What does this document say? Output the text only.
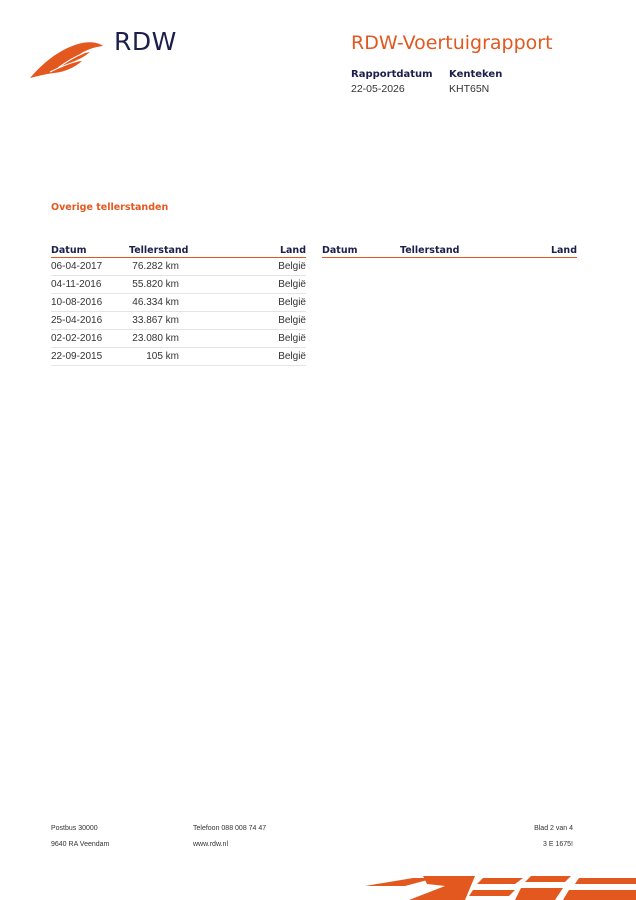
RDW	RDW-Voertuigrapport
Rapportdatum
22-05-2026
Kenteken
KHT65N
Overige tellerstanden
Datum	Tellerstand	Land
06-04-2017	76.282 km	België
04-11-2016	55.820 km	België
10-08-2016	46.334 km	België
25-04-2016	33.867 km	België
02-02-2016	23.080 km	België
22-09-2015	105 km	België
Datum	Tellerstand	Land
Postbus 30000
9640 RA Veendam
Telefoon 088 008 74 47
www.rdw.nl
Blad 2 van 4
3 E 1675!
